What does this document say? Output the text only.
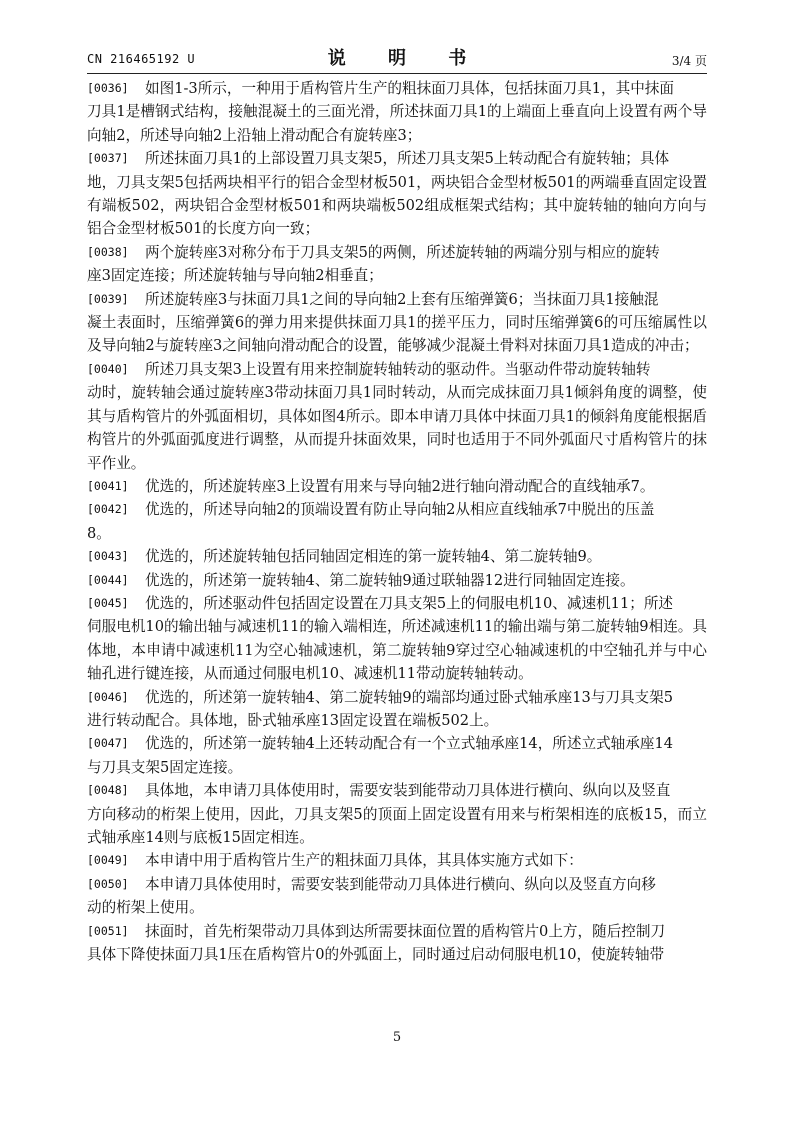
CN 216465192 U	说 明 书	3/4 页
[0036]	如图1-3所示，一种用于盾构管片生产的粗抹面刀具体，包括抹面刀具1，其中抹面
刀具1是槽钢式结构，接触混凝土的三面光滑，所述抹面刀具1的上端面上垂直向上设置有两个导向轴2，所述导向轴2上沿轴上滑动配合有旋转座3；
[0037]	所述抹面刀具1的上部设置刀具支架5，所述刀具支架5上转动配合有旋转轴；具体
地，刀具支架5包括两块相平行的铝合金型材板501，两块铝合金型材板501的两端垂直固定设置有端板502，两块铝合金型材板501和两块端板502组成框架式结构；其中旋转轴的轴向方向与铝合金型材板501的长度方向一致；
[0038]	两个旋转座3对称分布于刀具支架5的两侧，所述旋转轴的两端分别与相应的旋转
座3固定连接；所述旋转轴与导向轴2相垂直；
[0039]	所述旋转座3与抹面刀具1之间的导向轴2上套有压缩弹簧6；当抹面刀具1接触混
凝土表面时，压缩弹簧6的弹力用来提供抹面刀具1的搓平压力，同时压缩弹簧6的可压缩属性以及导向轴2与旋转座3之间轴向滑动配合的设置，能够减少混凝土骨料对抹面刀具1造成的冲击；
[0040]	所述刀具支架3上设置有用来控制旋转轴转动的驱动件。当驱动件带动旋转轴转
动时，旋转轴会通过旋转座3带动抹面刀具1同时转动，从而完成抹面刀具1倾斜角度的调整，使其与盾构管片的外弧面相切，具体如图4所示。即本申请刀具体中抹面刀具1的倾斜角度能根据盾构管片的外弧面弧度进行调整，从而提升抹面效果，同时也适用于不同外弧面尺寸盾构管片的抹平作业。
[0041]	优选的，所述旋转座3上设置有用来与导向轴2进行轴向滑动配合的直线轴承7。
[0042]	优选的，所述导向轴2的顶端设置有防止导向轴2从相应直线轴承7中脱出的压盖
8。
[0043]	优选的，所述旋转轴包括同轴固定相连的第一旋转轴4、第二旋转轴9。
[0044]	优选的，所述第一旋转轴4、第二旋转轴9通过联轴器12进行同轴固定连接。
[0045]	优选的，所述驱动件包括固定设置在刀具支架5上的伺服电机10、减速机11；所述
伺服电机10的输出轴与减速机11的输入端相连，所述减速机11的输出端与第二旋转轴9相连。具体地，本申请中减速机11为空心轴减速机，第二旋转轴9穿过空心轴减速机的中空轴孔并与中心轴孔进行键连接，从而通过伺服电机10、减速机11带动旋转轴转动。
[0046]	优选的，所述第一旋转轴4、第二旋转轴9的端部均通过卧式轴承座13与刀具支架5
进行转动配合。具体地，卧式轴承座13固定设置在端板502上。
[0047]	优选的，所述第一旋转轴4上还转动配合有一个立式轴承座14，所述立式轴承座14
与刀具支架5固定连接。
[0048]	具体地，本申请刀具体使用时，需要安装到能带动刀具体进行横向、纵向以及竖直
方向移动的桁架上使用，因此，刀具支架5的顶面上固定设置有用来与桁架相连的底板15，而立式轴承座14则与底板15固定相连。
[0049]	本申请中用于盾构管片生产的粗抹面刀具体，其具体实施方式如下：
[0050]	本申请刀具体使用时，需要安装到能带动刀具体进行横向、纵向以及竖直方向移
动的桁架上使用。
[0051]	抹面时，首先桁架带动刀具体到达所需要抹面位置的盾构管片0上方，随后控制刀
具体下降使抹面刀具1压在盾构管片0的外弧面上，同时通过启动伺服电机10，使旋转轴带
5
